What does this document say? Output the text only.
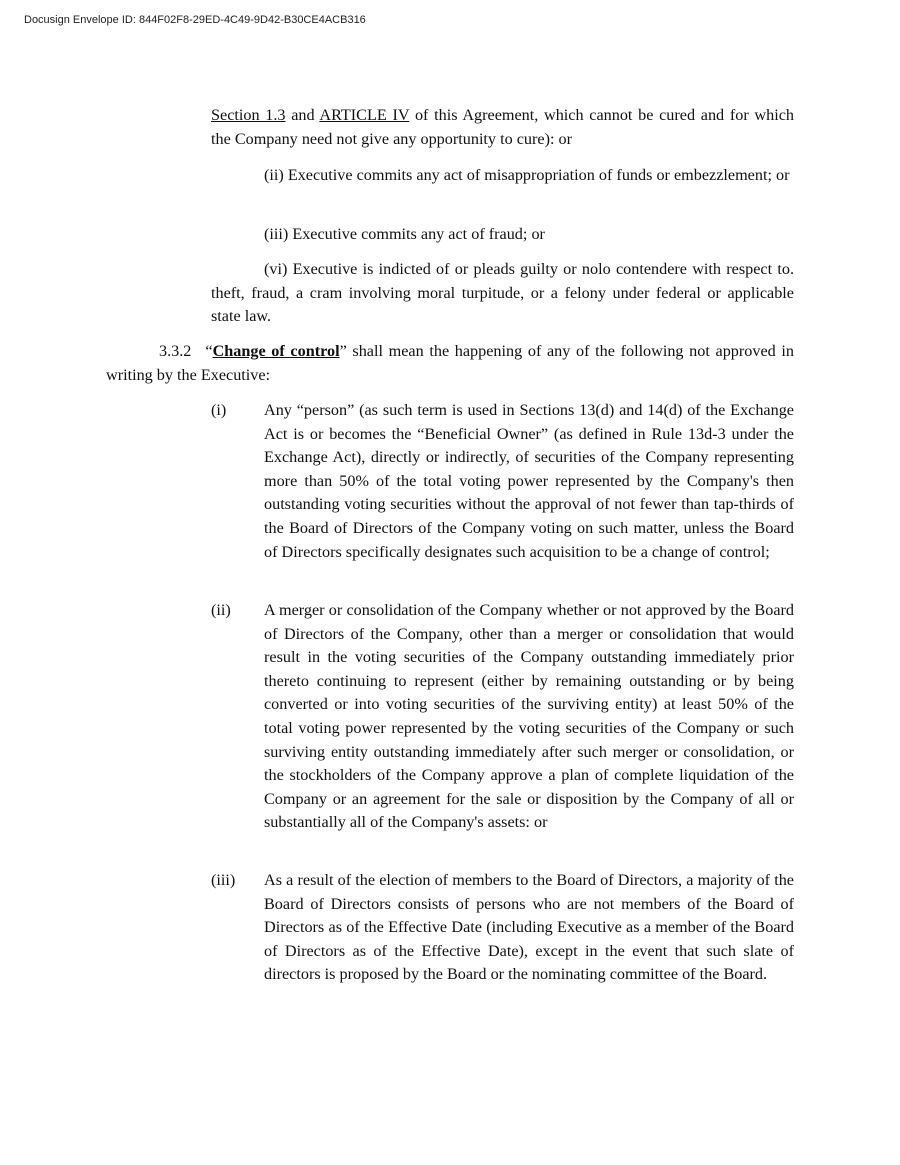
Docusign Envelope ID: 844F02F8-29ED-4C49-9D42-B30CE4ACB316

Section 1.3 and ARTICLE IV of this Agreement, which cannot be cured and for which the Company need not give any opportunity to cure): or

(ii) Executive commits any act of misappropriation of funds or embezzlement; or

(iii) Executive commits any act of fraud; or

(vi) Executive is indicted of or pleads guilty or nolo contendere with respect to. theft, fraud, a cram involving moral turpitude, or a felony under federal or applicable state law.

3.3.2 “Change of control” shall mean the happening of any of the following not approved in writing by the Executive:

(i)	Any “person” (as such term is used in Sections 13(d) and 14(d) of the Exchange Act is or becomes the “Beneficial Owner” (as defined in Rule 13d-3 under the Exchange Act), directly or indirectly, of securities of the Company representing more than 50% of the total voting power represented by the Company's then outstanding voting securities without the approval of not fewer than tap-thirds of the Board of Directors of the Company voting on such matter, unless the Board of Directors specifically designates such acquisition to be a change of control;
(ii)	A merger or consolidation of the Company whether or not approved by the Board of Directors of the Company, other than a merger or consolidation that would result in the voting securities of the Company outstanding immediately prior thereto continuing to represent (either by remaining outstanding or by being converted or into voting securities of the surviving entity) at least 50% of the total voting power represented by the voting securities of the Company or such surviving entity outstanding immediately after such merger or consolidation, or the stockholders of the Company approve a plan of complete liquidation of the Company or an agreement for the sale or disposition by the Company of all or substantially all of the Company's assets: or
(iii)	As a result of the election of members to the Board of Directors, a majority of the Board of Directors consists of persons who are not members of the Board of Directors as of the Effective Date (including Executive as a member of the Board of Directors as of the Effective Date), except in the event that such slate of directors is proposed by the Board or the nominating committee of the Board.
